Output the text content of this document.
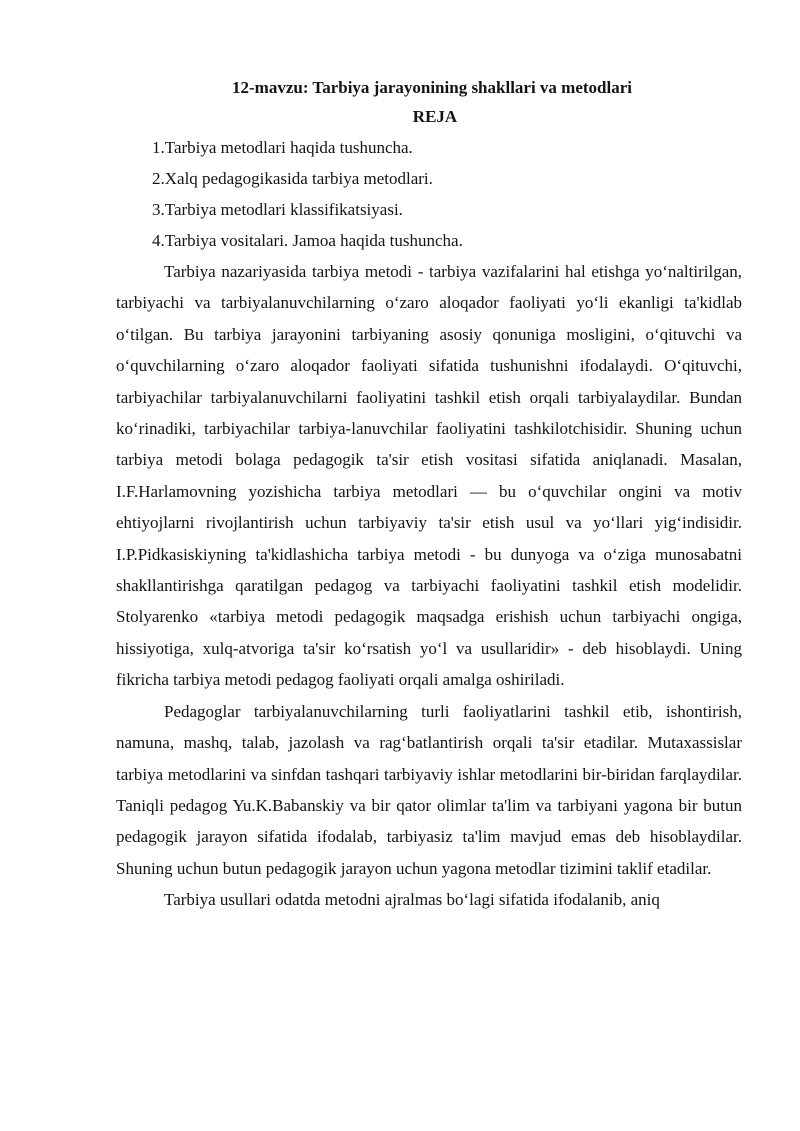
12-mavzu: Tarbiya jarayonining shakllari va metodlari

REJA

1.Tarbiya metodlari haqida tushuncha.
2.Xalq pedagogikasida tarbiya metodlari.
3.Tarbiya metodlari klassifikatsiyasi.
4.Tarbiya vositalari. Jamoa haqida tushuncha.

Tarbiya nazariyasida tarbiya metodi - tarbiya vazifalarini hal etishga yo‘naltirilgan, tarbiyachi va tarbiyalanuvchilarning o‘zaro aloqador faoliyati yo‘li ekanligi ta'kidlab o‘tilgan. Bu tarbiya jarayonini tarbiyaning asosiy qonuniga mosligini, o‘qituvchi va o‘quvchilarning o‘zaro aloqador faoliyati sifatida tushunishni ifodalaydi. O‘qituvchi, tarbiyachilar tarbiyalanuvchilarni faoliyatini tashkil etish orqali tarbiyalaydilar. Bundan ko‘rinadiki, tarbiyachilar tarbiya-lanuvchilar faoliyatini tashkilotchisidir. Shuning uchun tarbiya metodi bolaga pedagogik ta'sir etish vositasi sifatida aniqlanadi. Masalan, I.F.Harlamovning yozishicha tarbiya metodlari — bu o‘quvchilar ongini va motiv ehtiyojlarni rivojlantirish uchun tarbiyaviy ta'sir etish usul va yo‘llari yig‘indisidir. I.P.Pidkasiskiyning ta'kidlashicha tarbiya metodi - bu dunyoga va o‘ziga munosabatni shakllantirishga qaratilgan pedagog va tarbiyachi faoliyatini tashkil etish modelidir. Stolyarenko «tarbiya metodi pedagogik maqsadga erishish uchun tarbiyachi ongiga, hissiyotiga, xulq-atvoriga ta'sir ko‘rsatish yo‘l va usullaridir» - deb hisoblaydi. Uning fikricha tarbiya metodi pedagog faoliyati orqali amalga oshiriladi.

Pedagoglar tarbiyalanuvchilarning turli faoliyatlarini tashkil etib, ishontirish, namuna, mashq, talab, jazolash va rag‘batlantirish orqali ta'sir etadilar. Mutaxassislar tarbiya metodlarini va sinfdan tashqari tarbiyaviy ishlar metodlarini bir-biridan farqlaydilar. Taniqli pedagog Yu.K.Babanskiy va bir qator olimlar ta'lim va tarbiyani yagona bir butun pedagogik jarayon sifatida ifodalab, tarbiyasiz ta'lim mavjud emas deb hisoblaydilar. Shuning uchun butun pedagogik jarayon uchun yagona metodlar tizimini taklif etadilar.

Tarbiya usullari odatda metodni ajralmas bo‘lagi sifatida ifodalanib, aniq
